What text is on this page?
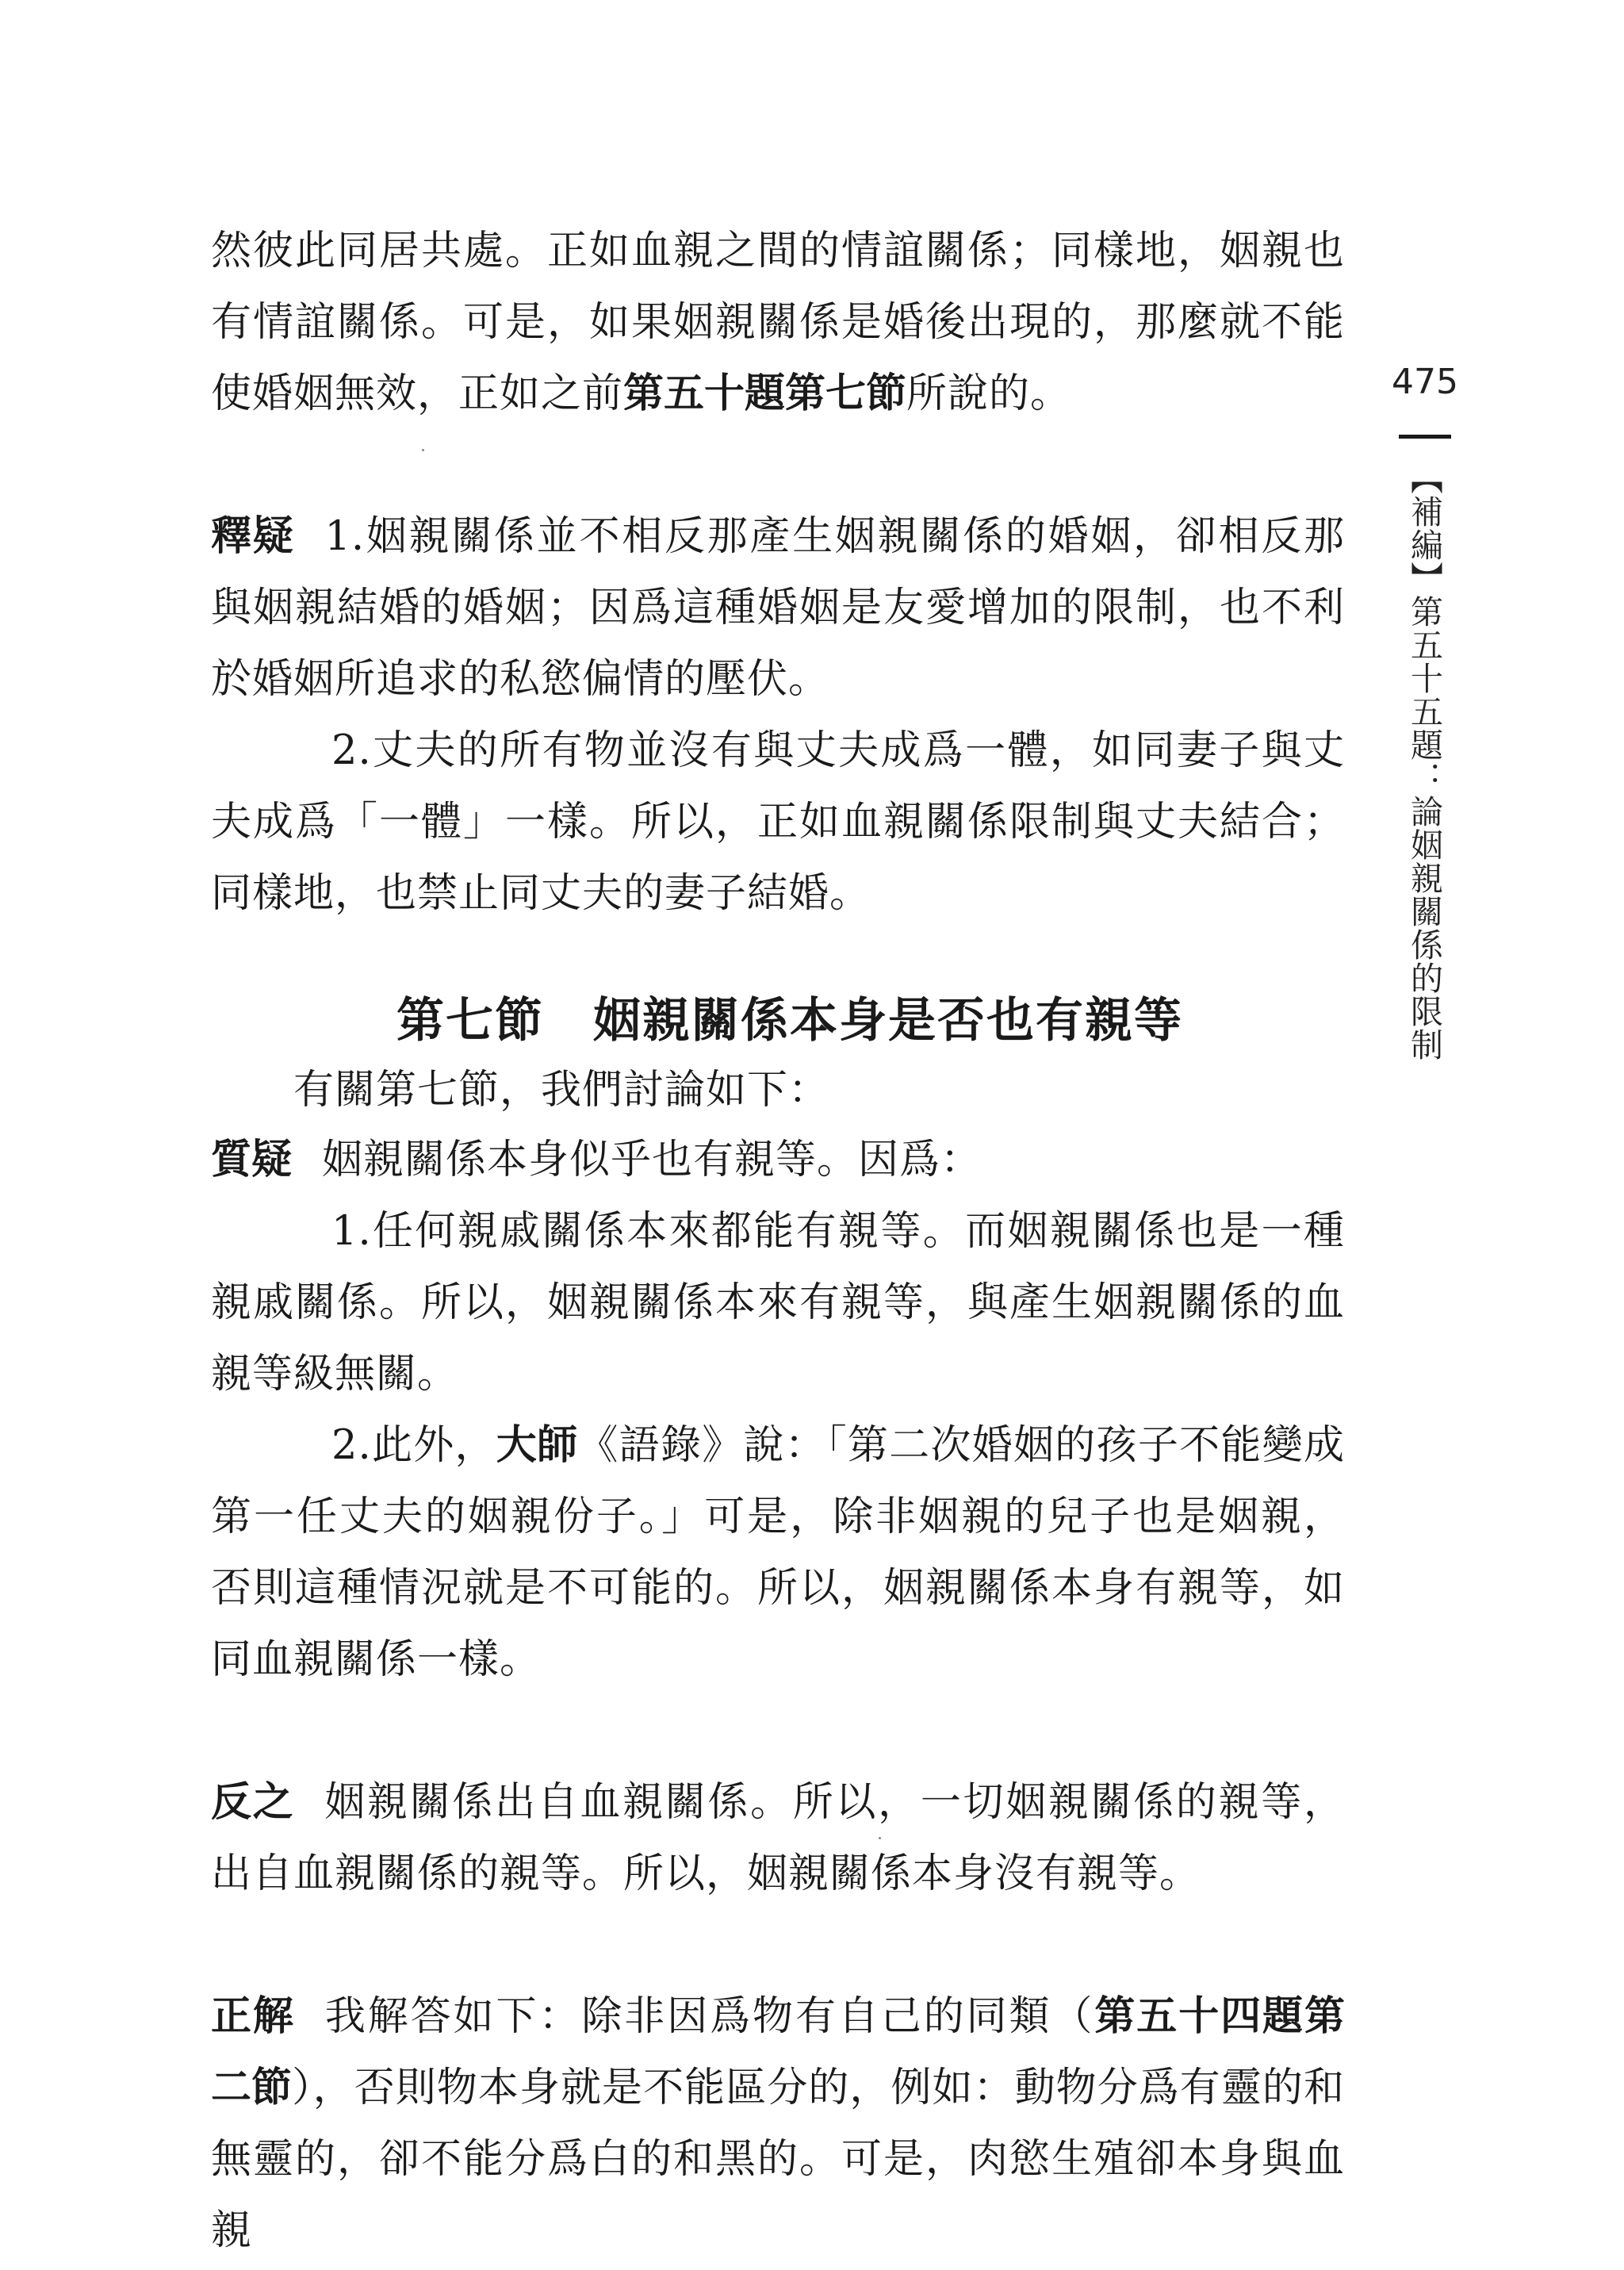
475
【補編】第五十五題：論姻親關係的限制

然彼此同居共處。正如血親之間的情誼關係；同樣地，姻親也有情誼關係。可是，如果姻親關係是婚後出現的，那麼就不能使婚姻無效，正如之前第五十題第七節所說的。

釋疑 1.姻親關係並不相反那產生姻親關係的婚姻，卻相反那與姻親結婚的婚姻；因爲這種婚姻是友愛增加的限制，也不利於婚姻所追求的私慾偏情的壓伏。

2.丈夫的所有物並沒有與丈夫成爲一體，如同妻子與丈夫成爲「一體」一樣。所以，正如血親關係限制與丈夫結合；同樣地，也禁止同丈夫的妻子結婚。

第七節　姻親關係本身是否也有親等

有關第七節，我們討論如下：

質疑 姻親關係本身似乎也有親等。因爲：

1.任何親戚關係本來都能有親等。而姻親關係也是一種親戚關係。所以，姻親關係本來有親等，與產生姻親關係的血親等級無關。

2.此外，大師《語錄》說：「第二次婚姻的孩子不能變成第一任丈夫的姻親份子。」可是，除非姻親的兒子也是姻親，否則這種情況就是不可能的。所以，姻親關係本身有親等，如同血親關係一樣。

反之 姻親關係出自血親關係。所以，一切姻親關係的親等，出自血親關係的親等。所以，姻親關係本身沒有親等。

正解 我解答如下：除非因爲物有自己的同類（第五十四題第二節），否則物本身就是不能區分的，例如：動物分爲有靈的和無靈的，卻不能分爲白的和黑的。可是，肉慾生殖卻本身與血親
